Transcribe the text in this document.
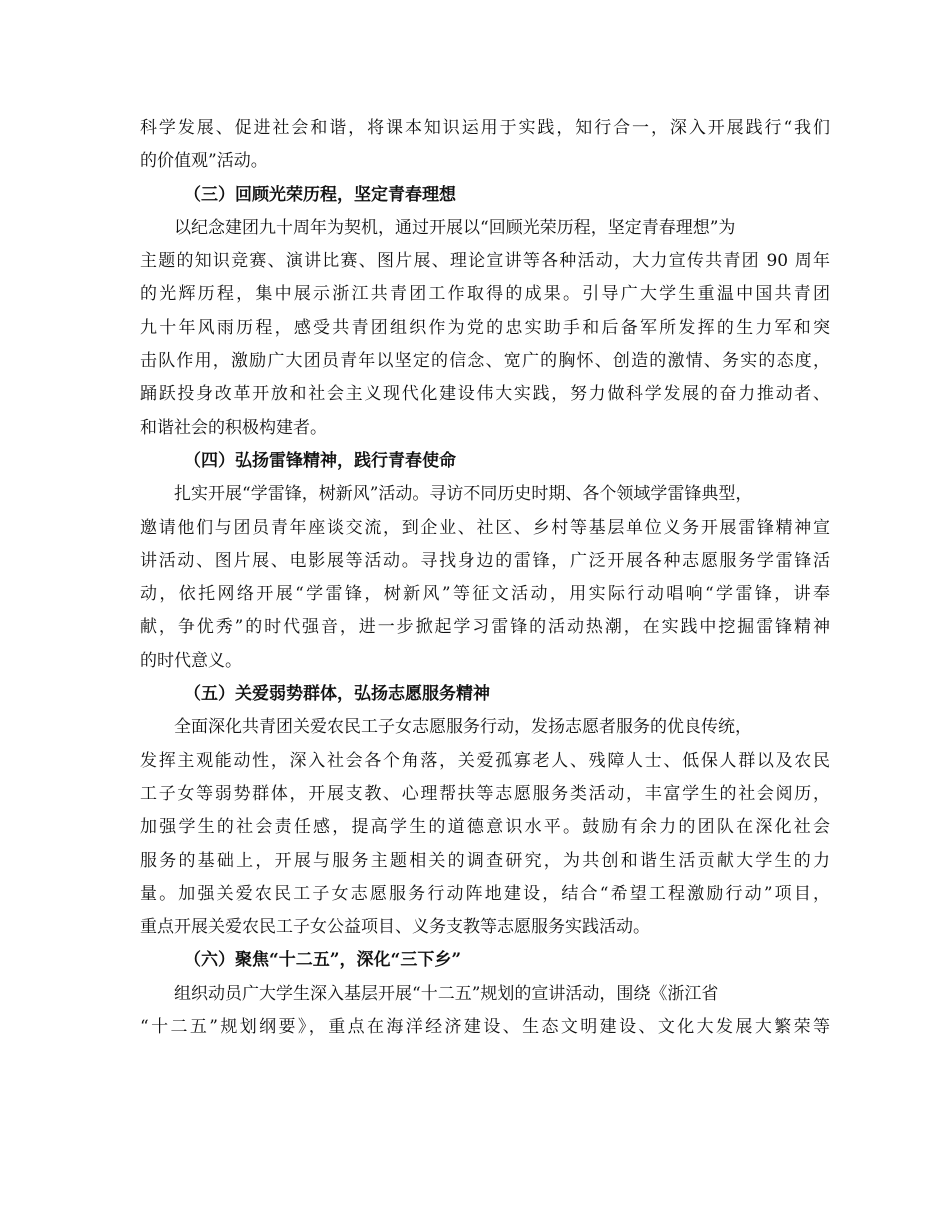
科学发展、促进社会和谐，将课本知识运用于实践，知行合一，深入开展践行“我们
的价值观”活动。
（三）回顾光荣历程，坚定青春理想
以纪念建团九十周年为契机，通过开展以“回顾光荣历程，坚定青春理想”为
主题的知识竞赛、演讲比赛、图片展、理论宣讲等各种活动，大力宣传共青团 90 周年
的光辉历程，集中展示浙江共青团工作取得的成果。引导广大学生重温中国共青团
九十年风雨历程，感受共青团组织作为党的忠实助手和后备军所发挥的生力军和突
击队作用，激励广大团员青年以坚定的信念、宽广的胸怀、创造的激情、务实的态度，
踊跃投身改革开放和社会主义现代化建设伟大实践，努力做科学发展的奋力推动者、
和谐社会的积极构建者。
（四）弘扬雷锋精神，践行青春使命
扎实开展“学雷锋，树新风”活动。寻访不同历史时期、各个领域学雷锋典型，
邀请他们与团员青年座谈交流，到企业、社区、乡村等基层单位义务开展雷锋精神宣
讲活动、图片展、电影展等活动。寻找身边的雷锋，广泛开展各种志愿服务学雷锋活
动，依托网络开展“学雷锋，树新风”等征文活动，用实际行动唱响“学雷锋，讲奉
献，争优秀”的时代强音，进一步掀起学习雷锋的活动热潮，在实践中挖掘雷锋精神
的时代意义。
（五）关爱弱势群体，弘扬志愿服务精神
全面深化共青团关爱农民工子女志愿服务行动，发扬志愿者服务的优良传统，
发挥主观能动性，深入社会各个角落，关爱孤寡老人、残障人士、低保人群以及农民
工子女等弱势群体，开展支教、心理帮扶等志愿服务类活动，丰富学生的社会阅历，
加强学生的社会责任感，提高学生的道德意识水平。鼓励有余力的团队在深化社会
服务的基础上，开展与服务主题相关的调查研究，为共创和谐生活贡献大学生的力
量。加强关爱农民工子女志愿服务行动阵地建设，结合“希望工程激励行动”项目，
重点开展关爱农民工子女公益项目、义务支教等志愿服务实践活动。
（六）聚焦“十二五”，深化“三下乡”
组织动员广大学生深入基层开展“十二五”规划的宣讲活动，围绕《浙江省
“十二五”规划纲要》，重点在海洋经济建设、生态文明建设、文化大发展大繁荣等
